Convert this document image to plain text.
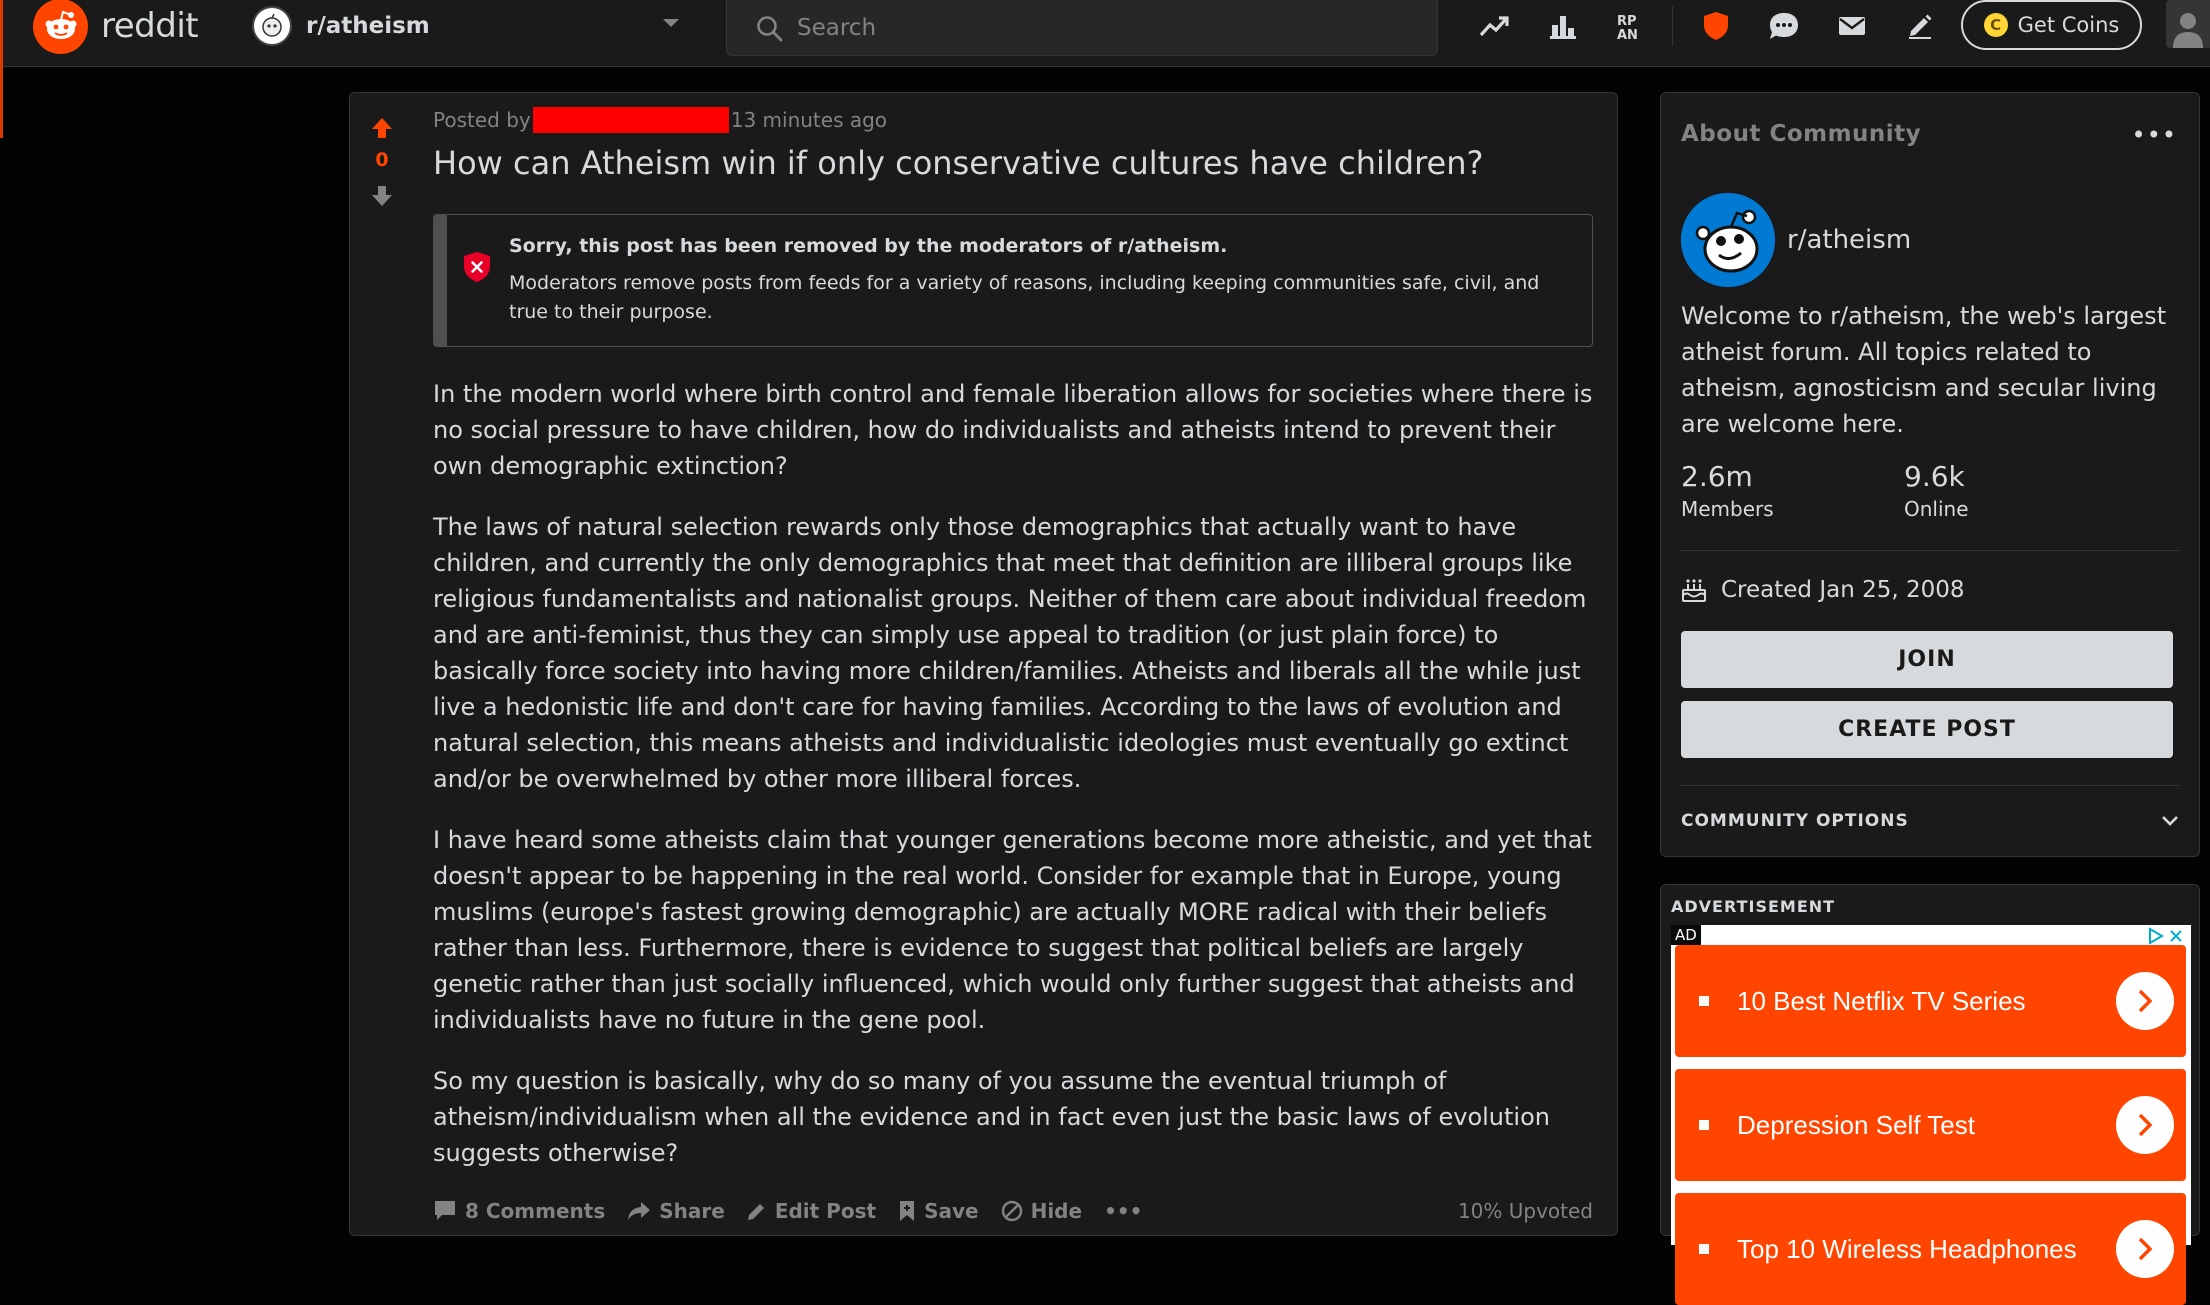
reddit	r/atheism
Search	RP
AN
C Get Coins
0
Posted by	13 minutes ago
How can Atheism win if only conservative cultures have children?
Sorry, this post has been removed by the moderators of r/atheism.
Moderators remove posts from feeds for a variety of reasons, including keeping communities safe, civil, and true to their purpose.

In the modern world where birth control and female liberation allows for societies where there is no social pressure to have children, how do individualists and atheists intend to prevent their own demographic extinction?

The laws of natural selection rewards only those demographics that actually want to have children, and currently the only demographics that meet that definition are illiberal groups like religious fundamentalists and nationalist groups. Neither of them care about individual freedom and are anti-feminist, thus they can simply use appeal to tradition (or just plain force) to basically force society into having more children/families. Atheists and liberals all the while just live a hedonistic life and don't care for having families. According to the laws of evolution and natural selection, this means atheists and individualistic ideologies must eventually go extinct and/or be overwhelmed by other more illiberal forces.

I have heard some atheists claim that younger generations become more atheistic, and yet that doesn't appear to be happening in the real world. Consider for example that in Europe, young muslims (europe's fastest growing demographic) are actually MORE radical with their beliefs rather than less. Furthermore, there is evidence to suggest that political beliefs are largely genetic rather than just socially influenced, which would only further suggest that atheists and individualists have no future in the gene pool.

So my question is basically, why do so many of you assume the eventual triumph of atheism/individualism when all the evidence and in fact even just the basic laws of evolution suggests otherwise?

8 Comments	Share	Edit Post Save	Hide •••	10% Upvoted
About Community	•••
r/atheism
Welcome to r/atheism, the web's largest atheist forum. All topics related to atheism, agnosticism and secular living are welcome here.
2.6m
Members
9.6k
Online
Created Jan 25, 2008
JOIN
CREATE POST
COMMUNITY OPTIONS
ADVERTISEMENT
AD
10 Best Netflix TV Series
Depression Self Test
Top 10 Wireless Headphones
